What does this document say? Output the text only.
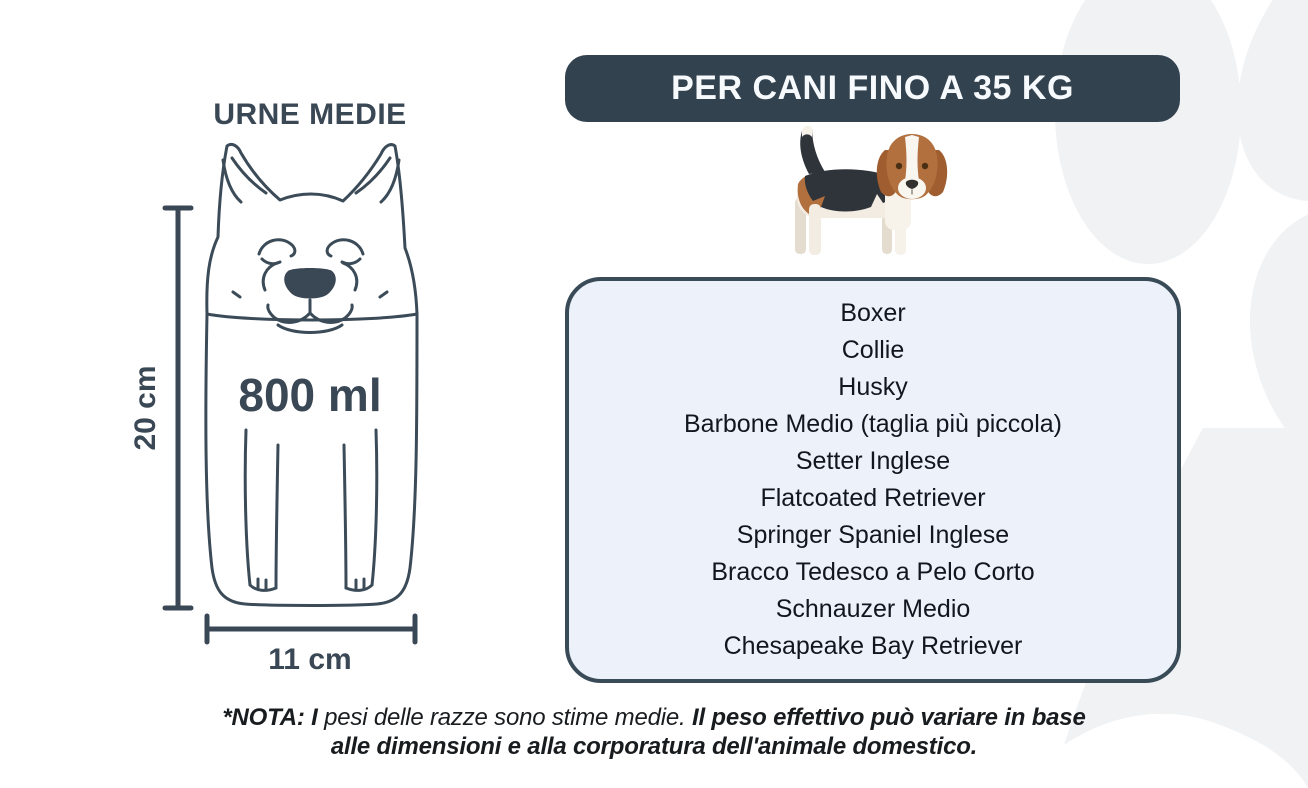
URNE MEDIE
20 cm
11 cm
800 ml
PER CANI FINO A 35 KG
Boxer
Collie
Husky
Barbone Medio (taglia più piccola)
Setter Inglese
Flatcoated Retriever
Springer Spaniel Inglese
Bracco Tedesco a Pelo Corto
Schnauzer Medio
Chesapeake Bay Retriever
*NOTA: I pesi delle razze sono stime medie. Il peso effettivo può variare in base
alle dimensioni e alla corporatura dell'animale domestico.
